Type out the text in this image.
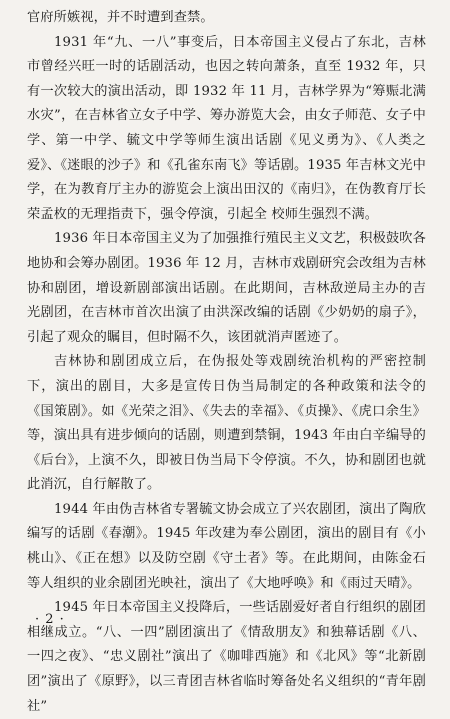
官府所嫉视，并不时遭到查禁。

1931 年“九、一八”事变后，日本帝国主义侵占了东北，吉林市曾经兴旺一时的话剧活动，也因之转向萧条，直至 1932 年，只有一次较大的演出活动，即 1932 年 11 月，吉林学界为“筹赈北满水灾”，在吉林省立女子中学、筹办游览大会，由女子师范、女子中学、第一中学、毓文中学等师生演出话剧《见义勇为》、《人类之爱》、《迷眼的沙子》和《孔雀东南飞》等话剧。1935 年吉林文光中学，在为教育厅主办的游览会上演出田汉的《南归》，在伪教育厅长荣孟枚的无理指责下，强令停演，引起全 校师生强烈不满。

1936 年日本帝国主义为了加强推行殖民主义文艺，积极鼓吹各地协和会筹办剧团。1936 年 12 月，吉林市戏剧研究会改组为吉林协和剧团，增设新剧部演出话剧。在此期间，吉林敌逆局主办的吉光剧团，在吉林市首次出演了由洪深改编的话剧《少奶奶的扇子》，引起了观众的瞩目，但时隔不久，该团就消声匿迹了。

吉林协和剧团成立后，在伪报处等戏剧统治机构的严密控制下，演出的剧目，大多是宣传日伪当局制定的各种政策和法令的《国策剧》。如《光荣之泪》、《失去的幸福》、《贞操》、《虎口余生》等，演出具有进步倾向的话剧，则遭到禁铜，1943 年由白辛编导的《后台》，上演不久，即被日伪当局下令停演。不久，协和剧团也就此消沉，自行解散了。

1944 年由伪吉林省专署毓文协会成立了兴农剧团，演出了陶欣编写的话剧《春潮》。1945 年改建为奉公剧团，演出的剧目有《小桃山》、《正在想》以及防空剧《守土者》等。在此期间，由陈金石等人组织的业余剧团光映社，演出了《大地呼唤》和《雨过天晴》。

1945 年日本帝国主义投降后，一些话剧爱好者自行组织的剧团相继成立。“八、一四”剧团演出了《情敌朋友》和独幕话剧《八、一四之夜》、“忠义剧社”演出了《咖啡西施》和《北风》等“北新剧团”演出了《原野》，以三青团吉林省临时筹备处名义组织的“青年剧社”

· 2 ·
